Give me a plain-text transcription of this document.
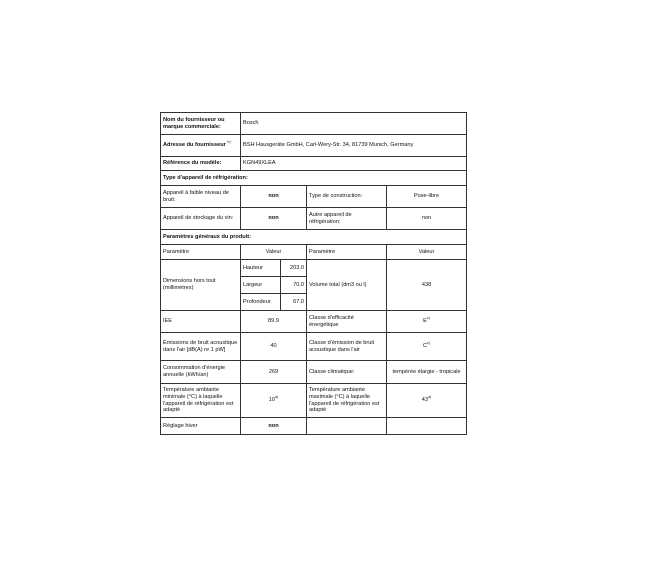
Nom du fournisseur ou marque commerciale:	Bosch			
Adresse du fournisseur $^{b) :}$	BSH Hausgeräte GmbH, Carl-Wery-Str. 34, 81739 Munich, Germany			
Référence du modèle:	KGN49XLEA			
Type d'appareil de réfrigération:				
Appareil à faible niveau de bruit:	non		Type de construction:	Pose-libre
Appareil de stockage du vin:	non		Autre appareil de réfrigération:	non
Paramètres généraux du produit:				
Paramètre	Valeur		Paramètre	Valeur
Dimensions hors tout (millimètres)	Hauteur	203.0	Volume total (dm3 ou l)	438
	Largeur	70.0		
	Profondeur	67.0		
IEE	89.9		Classe d'efficacité énergétique	$E^{c)}$
Émissions de bruit acoustique dans l'air [dB(A) re 1 pW]	40		Classe d'émission de bruit acoustique dans l'air	$C^{c)}$
Consommation d'énergie annuelle (kWh/an)	269		Classe climatique:	tempérée élargie - tropicale
Température ambiante minimale (°C) à laquelle l'appareil de réfrigération est adapté	10$^{a)}$		Température ambiante maximale (°C) à laquelle l'appareil de réfrigération est adapté	43$^{a)}$
Réglage hiver	non			
